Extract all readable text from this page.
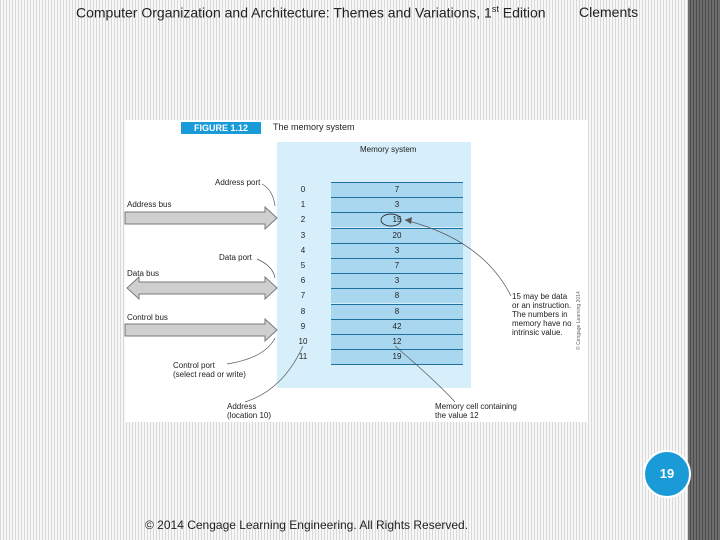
Computer Organization and Architecture: Themes and Variations, 1st Edition Clements
FIGURE 1.12	The memory system
Memory system
© Cengage Learning 2014
0	7
1	3
2	15
3	20
4	3
5	7
6	3
7	8
8	8
9	42
10	12
11	19
Address port
Address bus
Data port
Data bus
Control bus
Control port
(select read or write)
Address
(location 10)
Memory cell containing
the value 12
15 may be data
or an instruction.
The numbers in
memory have no
intrinsic value.
© 2014 Cengage Learning Engineering. All Rights Reserved.
19
